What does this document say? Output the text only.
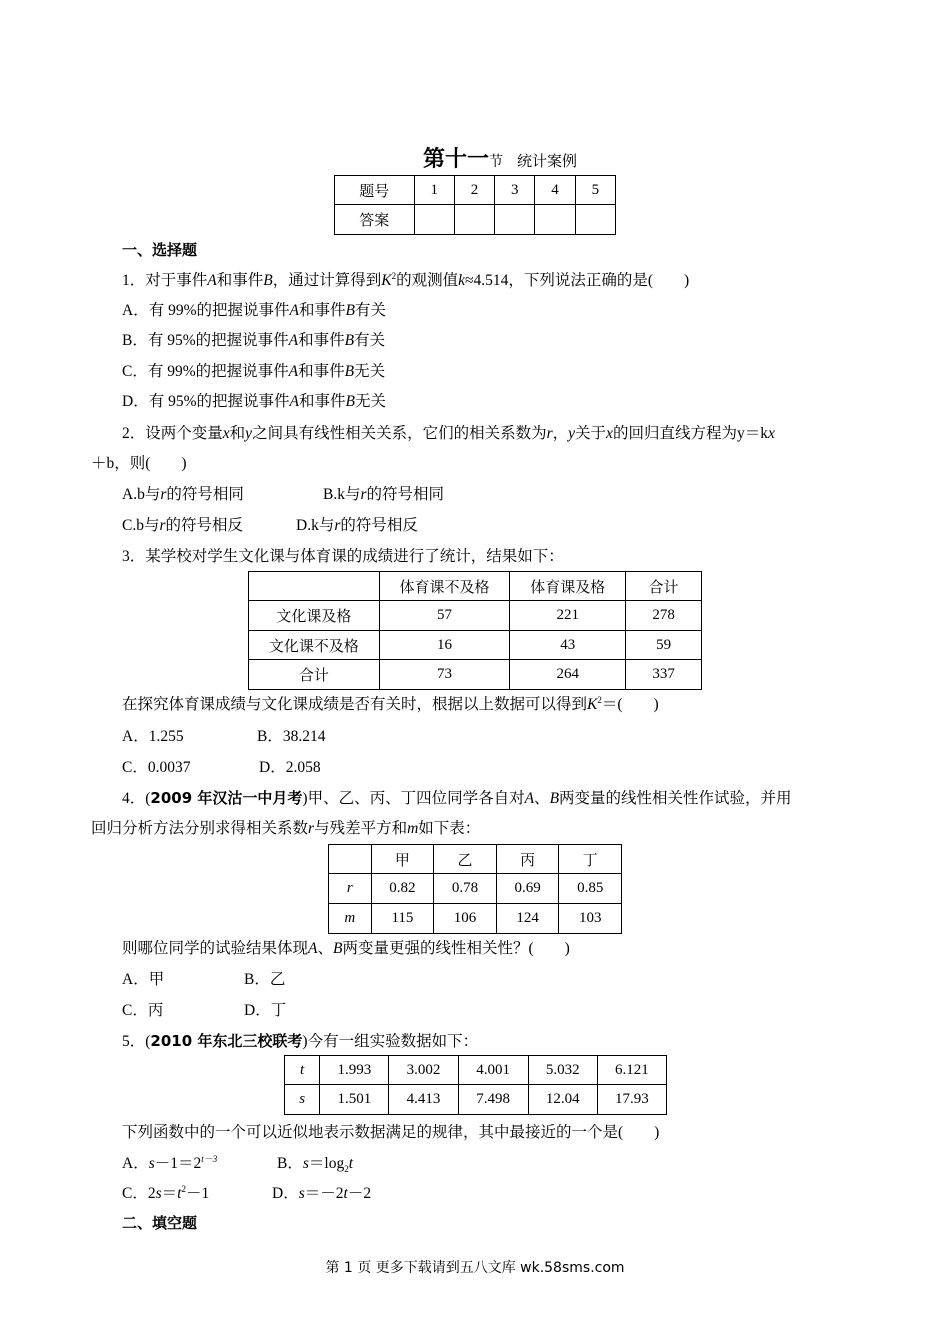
第十一节 统计案例
题号	1	2	3	4	5
答案					
一、选择题
1．对于事件A和事件B，通过计算得到$K^2$的观测值k≈4.514，下列说法正确的是(　　)
A．有 99%的把握说事件A和事件B有关
B．有 95%的把握说事件A和事件B有关
C．有 99%的把握说事件A和事件B无关
D．有 95%的把握说事件A和事件B无关
2．设两个变量x和y之间具有线性相关关系，它们的相关系数为r，y关于x的回归直线方程为y＝kx
＋b，则(　　)
A.b与r的符号相同	B.k与r的符号相同
C.b与r的符号相反	D.k与r的符号相反
3．某学校对学生文化课与体育课的成绩进行了统计，结果如下：
	体育课不及格	体育课及格	合计
文化课及格	57	221	278
文化课不及格	16	43	59
合计	73	264	337
在探究体育课成绩与文化课成绩是否有关时，根据以上数据可以得到$K^2=$(　　)
A．1.255	B．38.214
C．0.0037	D．2.058
4．(2009 年汉沽一中月考)甲、乙、丙、丁四位同学各自对A、B两变量的线性相关性作试验，并用
回归分析方法分别求得相关系数r与残差平方和m如下表：
	甲	乙	丙	丁
r	0.82	0.78	0.69	0.85
m	115	106	124	103
则哪位同学的试验结果体现A、B两变量更强的线性相关性？(　　)
A．甲	B．乙
C．丙	D．丁
5．(2010 年东北三校联考)今有一组实验数据如下：
t	1.993	3.002	4.001	5.032	6.121
s	1.501	4.413	7.498	12.04	17.93
下列函数中的一个可以近似地表示数据满足的规律，其中最接近的一个是(　　)
A．$s-1=2^{t-3}$	B．$s=\log_2t$
C．$2s=t^2-1$	D．s＝－2t－2
二、填空题
第 1 页 更多下载请到五八文库 wk.58sms.com
